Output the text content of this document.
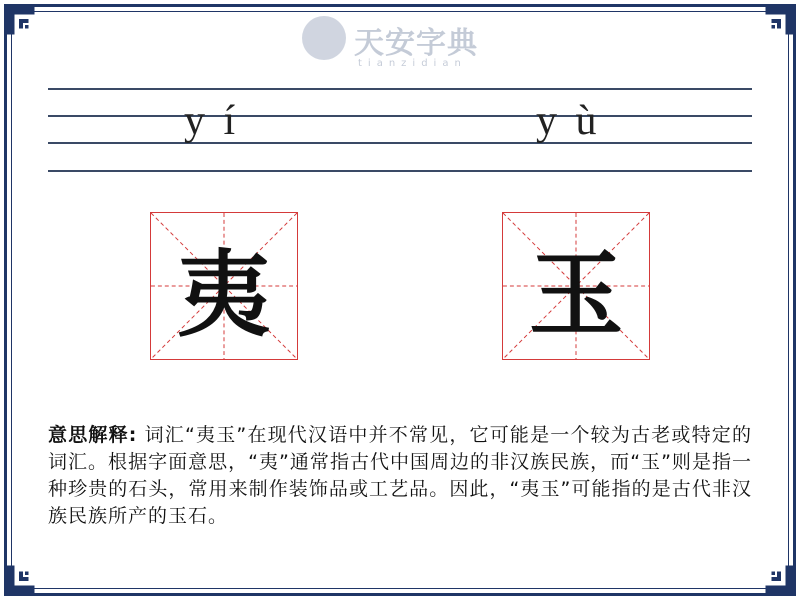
天安字典
tianzidian
y í	y ù
夷	玉
意思解释: 词汇“夷玉”在现代汉语中并不常见，它可能是一个较为古老或特定的词汇。根据字面意思，“夷”通常指古代中国周边的非汉族民族，而“玉”则是指一种珍贵的石头，常用来制作装饰品或工艺品。因此，“夷玉”可能指的是古代非汉族民族所产的玉石。
